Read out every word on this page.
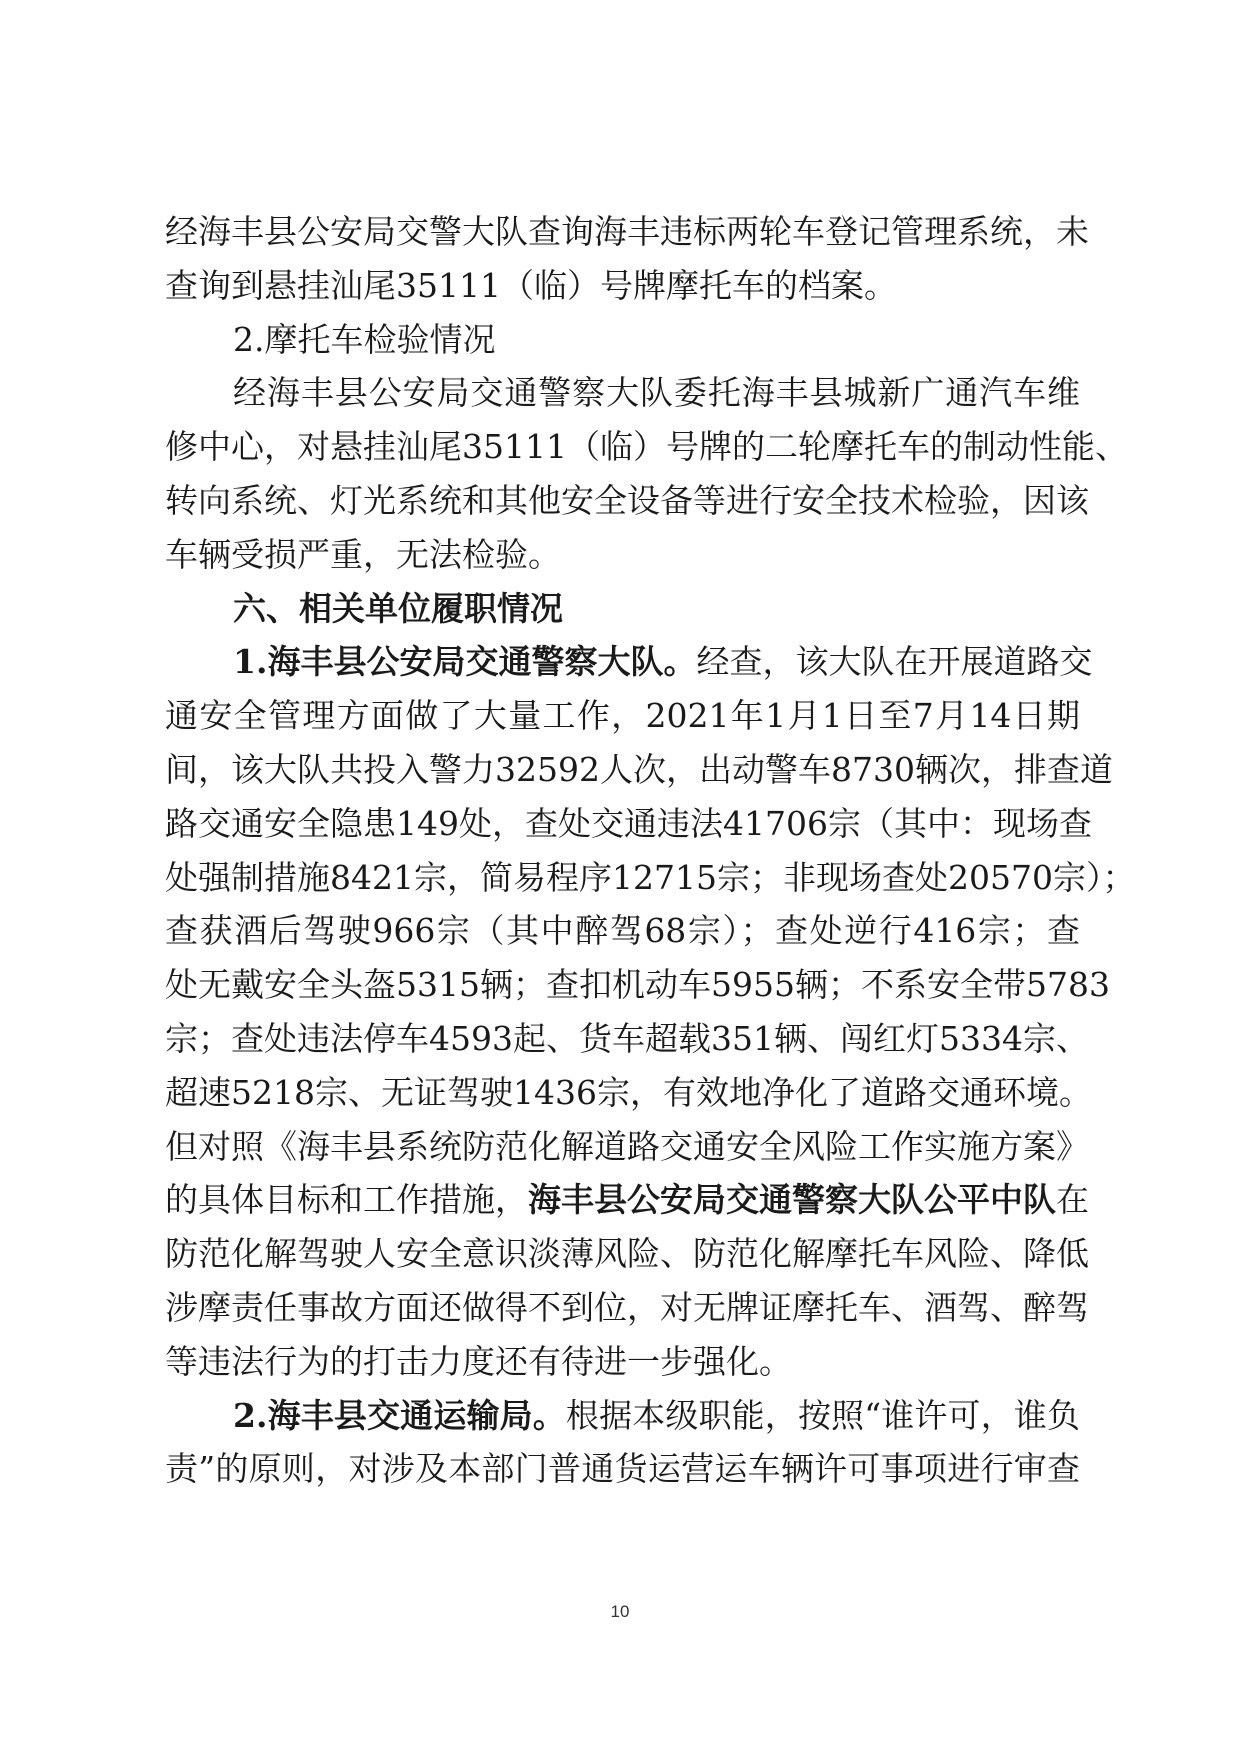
经海丰县公安局交警大队查询海丰违标两轮车登记管理系统，未
查询到悬挂汕尾35111（临）号牌摩托车的档案。
2.摩托车检验情况
经海丰县公安局交通警察大队委托海丰县城新广通汽车维
修中心，对悬挂汕尾35111（临）号牌的二轮摩托车的制动性能、
转向系统、灯光系统和其他安全设备等进行安全技术检验，因该
车辆受损严重，无法检验。
六、相关单位履职情况
1.海丰县公安局交通警察大队。经查，该大队在开展道路交
通安全管理方面做了大量工作，2021年1月1日至7月14日期
间，该大队共投入警力32592人次，出动警车8730辆次，排查道
路交通安全隐患149处，查处交通违法41706宗（其中：现场查
处强制措施8421宗，简易程序12715宗；非现场查处20570宗）；
查获酒后驾驶966宗（其中醉驾68宗）；查处逆行416宗；查
处无戴安全头盔5315辆；查扣机动车5955辆；不系安全带5783
宗；查处违法停车4593起、货车超载351辆、闯红灯5334宗、
超速5218宗、无证驾驶1436宗，有效地净化了道路交通环境。
但对照《海丰县系统防范化解道路交通安全风险工作实施方案》
的具体目标和工作措施，海丰县公安局交通警察大队公平中队在
防范化解驾驶人安全意识淡薄风险、防范化解摩托车风险、降低
涉摩责任事故方面还做得不到位，对无牌证摩托车、酒驾、醉驾
等违法行为的打击力度还有待进一步强化。
2.海丰县交通运输局。根据本级职能，按照“谁许可，谁负
责”的原则，对涉及本部门普通货运营运车辆许可事项进行审查
10
